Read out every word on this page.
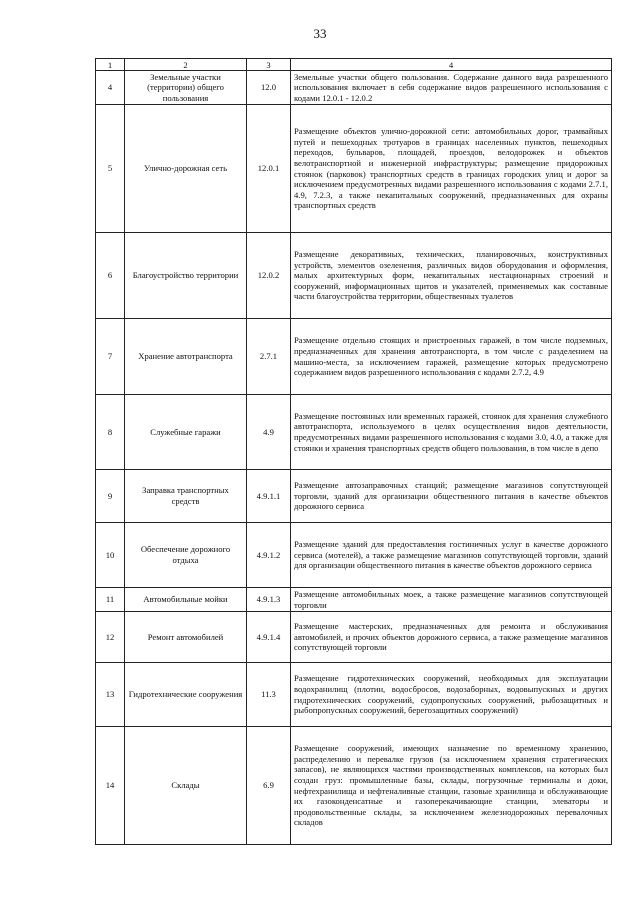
33
1	2	3	4
4	Земельные участки (территории) общего пользования	12.0	Земельные участки общего пользования. Содержание данного вида разрешенного использования включает в себя содержание видов разрешенного использования с кодами 12.0.1 - 12.0.2
5	Улично-дорожная сеть	12.0.1	Размещение объектов улично-дорожной сети: автомобильных дорог, трамвайных путей и пешеходных тротуаров в границах населенных пунктов, пешеходных переходов, бульваров, площадей, проездов, велодорожек и объектов велотранспортной и инженерной инфраструктуры; размещение придорожных стоянок (парковок) транспортных средств в границах городских улиц и дорог за исключением предусмотренных видами разрешенного использования с кодами 2.7.1, 4.9, 7.2.3, а также некапитальных сооружений, предназначенных для охраны транспортных средств
6	Благоустройство территории	12.0.2	Размещение декоративных, технических, планировочных, конструктивных устройств, элементов озеленения, различных видов оборудования и оформления, малых архитектурных форм, некапитальных нестационарных строений и сооружений, информационных щитов и указателей, применяемых как составные части благоустройства территории, общественных туалетов
7	Хранение автотранспорта	2.7.1	Размещение отдельно стоящих и пристроенных гаражей, в том числе подземных, предназначенных для хранения автотранспорта, в том числе с разделением на машино-места, за исключением гаражей, размещение которых предусмотрено содержанием видов разрешенного использования с кодами 2.7.2, 4.9
8	Служебные гаражи	4.9	Размещение постоянных или временных гаражей, стоянок для хранения служебного автотранспорта, используемого в целях осуществления видов деятельности, предусмотренных видами разрешенного использования с кодами 3.0, 4.0, а также для стоянки и хранения транспортных средств общего пользования, в том числе в депо
9	Заправка транспортных средств	4.9.1.1	Размещение автозаправочных станций; размещение магазинов сопутствующей торговли, зданий для организации общественного питания в качестве объектов дорожного сервиса
10	Обеспечение дорожного отдыха	4.9.1.2	Размещение зданий для предоставления гостиничных услуг в качестве дорожного сервиса (мотелей), а также размещение магазинов сопутствующей торговли, зданий для организации общественного питания в качестве объектов дорожного сервиса
11	Автомобильные мойки	4.9.1.3	Размещение автомобильных моек, а также размещение магазинов сопутствующей торговли
12	Ремонт автомобилей	4.9.1.4	Размещение мастерских, предназначенных для ремонта и обслуживания автомобилей, и прочих объектов дорожного сервиса, а также размещение магазинов сопутствующей торговли
13	Гидротехнические сооружения	11.3	Размещение гидротехнических сооружений, необходимых для эксплуатации водохранилищ (плотин, водосбросов, водозаборных, водовыпускных и других гидротехнических сооружений, судопропускных сооружений, рыбозащитных и рыбопропускных сооружений, берегозащитных сооружений)
14	Склады	6.9	Размещение сооружений, имеющих назначение по временному хранению, распределению и перевалке грузов (за исключением хранения стратегических запасов), не являющихся частями производственных комплексов, на которых был создан груз: промышленные базы, склады, погрузочные терминалы и доки, нефтехранилища и нефтеналивные станции, газовые хранилища и обслуживающие их газоконденсатные и газоперекачивающие станции, элеваторы и продовольственные склады, за исключением железнодорожных перевалочных складов
